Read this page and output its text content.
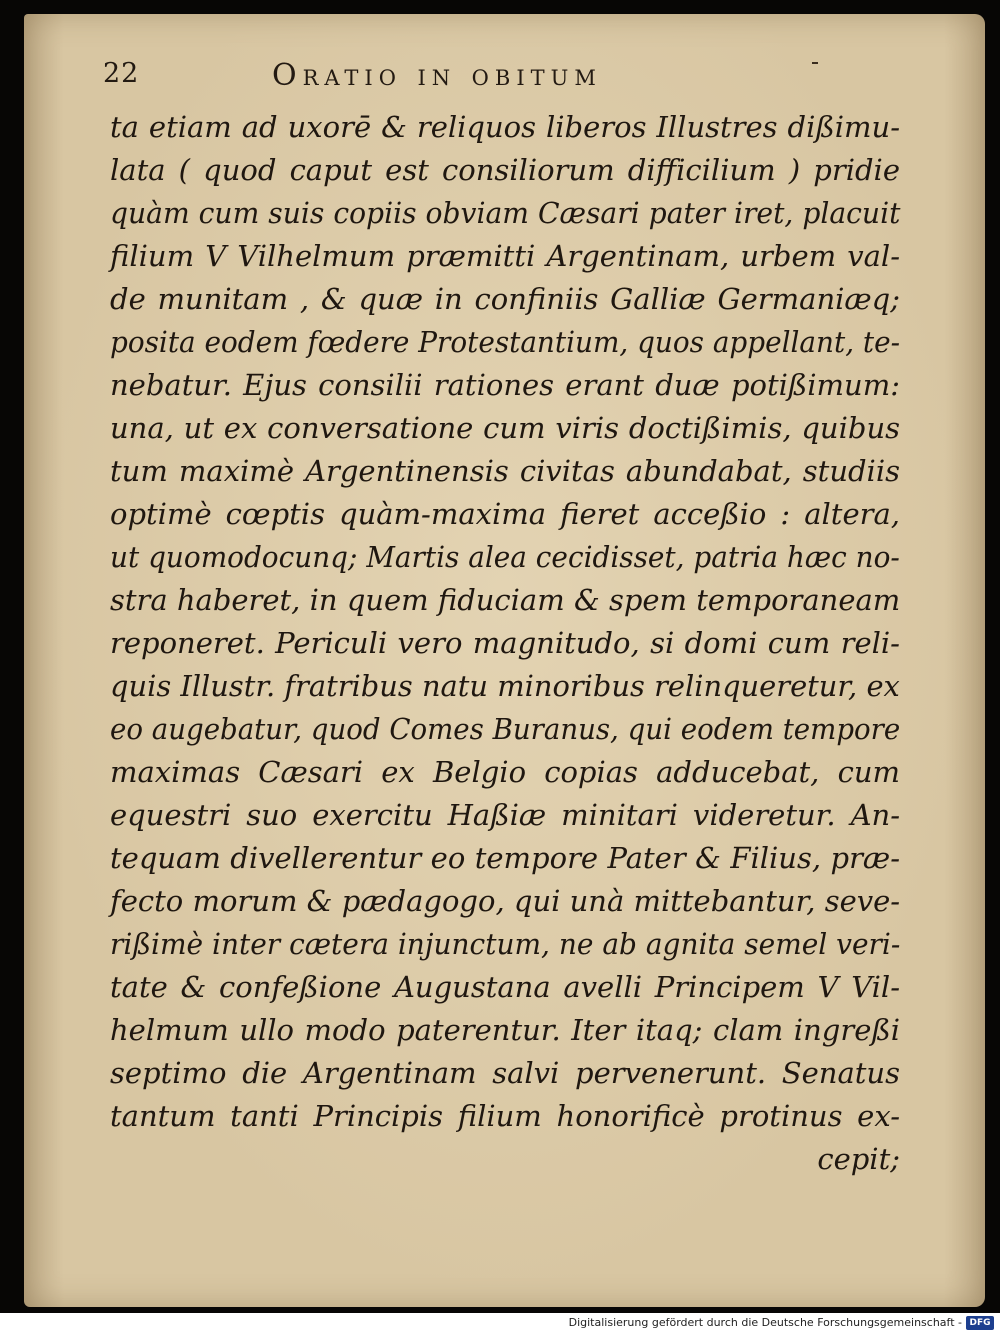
22	Oratio in obitum
ta etiam ad uxorē & reliquos liberos Illustres dißimu-
lata ( quod caput est consiliorum difficilium ) pridie
quàm cum suis copiis obviam Cæsari pater iret, placuit
filium V Vilhelmum præmitti Argentinam, urbem val-
de munitam , & quæ in confiniis Galliæ Germaniæq;
posita eodem fœdere Protestantium, quos appellant, te-
nebatur. Ejus consilii rationes erant duæ potißimum:
una, ut ex conversatione cum viris doctißimis, quibus
tum maximè Argentinensis civitas abundabat, studiis
optimè cœptis quàm-maxima fieret acceßio : altera,
ut quomodocunq; Martis alea cecidisset, patria hæc no-
stra haberet, in quem fiduciam & spem temporaneam
reponeret. Periculi vero magnitudo, si domi cum reli-
quis Illustr. fratribus natu minoribus relinqueretur, ex
eo augebatur, quod Comes Buranus, qui eodem tempore
maximas Cæsari ex Belgio copias adducebat, cum
equestri suo exercitu Haßiæ minitari videretur. An-
tequam divellerentur eo tempore Pater & Filius, præ-
fecto morum & pædagogo, qui unà mittebantur, seve-
rißimè inter cætera injunctum, ne ab agnita semel veri-
tate & confeßione Augustana avelli Principem V Vil-
helmum ullo modo paterentur. Iter itaq; clam ingreßi
septimo die Argentinam salvi pervenerunt. Senatus
tantum tanti Principis filium honorificè protinus ex-
cepit;
Digitalisierung gefördert durch die Deutsche Forschungsgemeinschaft - DFG
